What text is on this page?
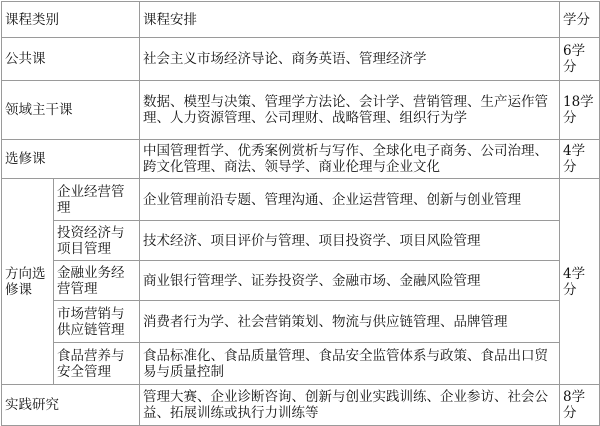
课程类别		课程安排	学分
公共课		社会主义市场经济导论、商务英语、管理经济学	6学分
领域主干课		数据、模型与决策、管理学方法论、会计学、营销管理、生产运作管理、人力资源管理、公司理财、战略管理、组织行为学	18学分
选修课		中国管理哲学、优秀案例赏析与写作、全球化电子商务、公司治理、跨文化管理、商法、领导学、商业伦理与企业文化	4学分
方向选修课	企业经营管理	企业管理前沿专题、管理沟通、企业运营管理、创新与创业管理	4学分
	投资经济与项目管理	技术经济、项目评价与管理、项目投资学、项目风险管理	
	金融业务经营管理	商业银行管理学、证券投资学、金融市场、金融风险管理	
	市场营销与供应链管理	消费者行为学、社会营销策划、物流与供应链管理、品牌管理	
	食品营养与安全管理	食品标准化、食品质量管理、食品安全监管体系与政策、食品出口贸易与质量控制	
实践研究		管理大赛、企业诊断咨询、创新与创业实践训练、企业参访、社会公益、拓展训练或执行力训练等	8学分
